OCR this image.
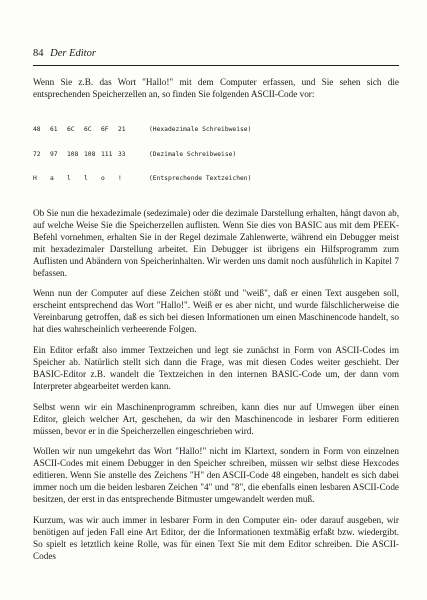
84 Der Editor

Wenn Sie z.B. das Wort "Hallo!" mit dem Computer erfassen, und Sie sehen sich die entsprechenden Speicherzellen an, so finden Sie folgenden ASCII-Code vor:

48	61	6C	6C	6F	21	(Hexadezimale Schreibweise)

72	97	108 108 111 33	(Dezimale Schreibweise)

H	a	l	l	o	!	(Entsprechende Textzeichen)

Ob Sie nun die hexadezimale (sedezimale) oder die dezimale Darstellung erhalten, hängt davon ab, auf welche Weise Sie die Speicherzellen auflisten. Wenn Sie dies von BASIC aus mit dem PEEK-Befehl vornehmen, erhalten Sie in der Regel dezimale Zahlenwerte, während ein Debugger meist mit hexadezimaler Darstellung arbeitet. Ein Debugger ist übrigens ein Hilfsprogramm zum Auflisten und Abändern von Speicherinhalten. Wir werden uns damit noch ausführlich in Kapitel 7 befassen.

Wenn nun der Computer auf diese Zeichen stößt und "weiß", daß er einen Text ausgeben soll, erscheint entsprechend das Wort "Hallo!". Weiß er es aber nicht, und wurde fälschlicherweise die Vereinbarung getroffen, daß es sich bei diesen Informationen um einen Maschinencode handelt, so hat dies wahrscheinlich verheerende Folgen.

Ein Editor erfaßt also immer Textzeichen und legt sie zunächst in Form von ASCII-Codes im Speicher ab. Natürlich stellt sich dann die Frage, was mit diesen Codes weiter geschieht. Der BASIC-Editor z.B. wandelt die Textzeichen in den internen BASIC-Code um, der dann vom Interpreter abgearbeitet werden kann.

Selbst wenn wir ein Maschinenprogramm schreiben, kann dies nur auf Umwegen über einen Editor, gleich welcher Art, geschehen, da wir den Maschinencode in lesbarer Form editieren müssen, bevor er in die Speicherzellen eingeschrieben wird.

Wollen wir nun umgekehrt das Wort "Hallo!" nicht im Klartext, sondern in Form von einzelnen ASCII-Codes mit einem Debugger in den Speicher schreiben, müssen wir selbst diese Hexcodes editieren. Wenn Sie anstelle des Zeichens "H" den ASCII-Code 48 eingeben, handelt es sich dabei immer noch um die beiden lesbaren Zeichen "4" und "8", die ebenfalls einen lesbaren ASCII-Code besitzen, der erst in das entsprechende Bitmuster umgewandelt werden muß.

Kurzum, was wir auch immer in lesbarer Form in den Computer ein- oder darauf ausgeben, wir benötigen auf jeden Fall eine Art Editor, der die Informationen textmäßig erfaßt bzw. wiedergibt. So spielt es letztlich keine Rolle, was für einen Text Sie mit dem Editor schreiben. Die ASCII-Codes
